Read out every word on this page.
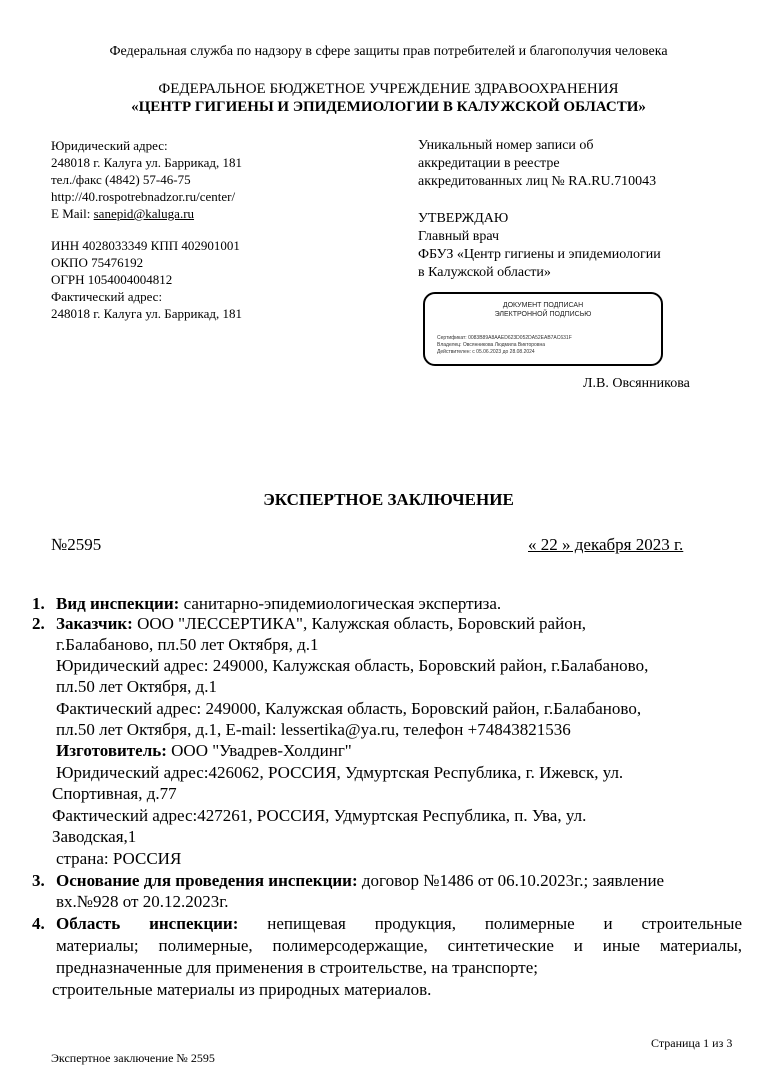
Федеральная служба по надзору в сфере защиты прав потребителей и благополучия человека
ФЕДЕРАЛЬНОЕ БЮДЖЕТНОЕ УЧРЕЖДЕНИЕ ЗДРАВООХРАНЕНИЯ
«ЦЕНТР ГИГИЕНЫ И ЭПИДЕМИОЛОГИИ В КАЛУЖСКОЙ ОБЛАСТИ»
Юридический адрес:
248018 г. Калуга ул. Баррикад, 181
тел./факс (4842) 57-46-75
http://40.rospotrebnadzor.ru/center/
E Mail: sanepid@kaluga.ru
ИНН 4028033349 КПП 402901001
ОКПО 75476192
ОГРН 1054004004812
Фактический адрес:
248018 г. Калуга ул. Баррикад, 181
Уникальный номер записи об
аккредитации в реестре
аккредитованных лиц № RA.RU.710043
УТВЕРЖДАЮ
Главный врач
ФБУЗ «Центр гигиены и эпидемиологии
в Калужской области»
ДОКУМЕНТ ПОДПИСАН
ЭЛЕКТРОННОЙ ПОДПИСЬЮ
Сертификат: 0083B89A8AAED623D052DA52EAB7AC631F
Владелец: Овсянникова Людмила Викторовна
Действителен: с 05.06.2023 до 28.08.2024
Л.В. Овсянникова
ЭКСПЕРТНОЕ ЗАКЛЮЧЕНИЕ
№2595	« 22 » декабря 2023 г.
1. Вид инспекции: санитарно-эпидемиологическая экспертиза.
2. Заказчик: ООО "ЛЕССЕРТИКА", Калужская область, Боровский район,
г.Балабаново, пл.50 лет Октября, д.1
Юридический адрес: 249000, Калужская область, Боровский район, г.Балабаново,
пл.50 лет Октября, д.1
Фактический адрес: 249000, Калужская область, Боровский район, г.Балабаново,
пл.50 лет Октября, д.1, E-mail: lessertika@ya.ru, телефон +74843821536
Изготовитель: ООО "Увадрев-Холдинг"
Юридический адрес:426062, РОССИЯ, Удмуртская Республика, г. Ижевск, ул.
Спортивная, д.77
Фактический адрес:427261, РОССИЯ, Удмуртская Республика, п. Ува, ул.
Заводская,1
страна: РОССИЯ
3. Основание для проведения инспекции: договор №1486 от 06.10.2023г.; заявление
вх.№928 от 20.12.2023г.
4. Область инспекции: непищевая продукция, полимерные и строительные
материалы; полимерные, полимерсодержащие, синтетические и иные материалы,
предназначенные для применения в строительстве, на транспорте;
строительные материалы из природных материалов.
Страница 1 из 3
Экспертное заключение № 2595
